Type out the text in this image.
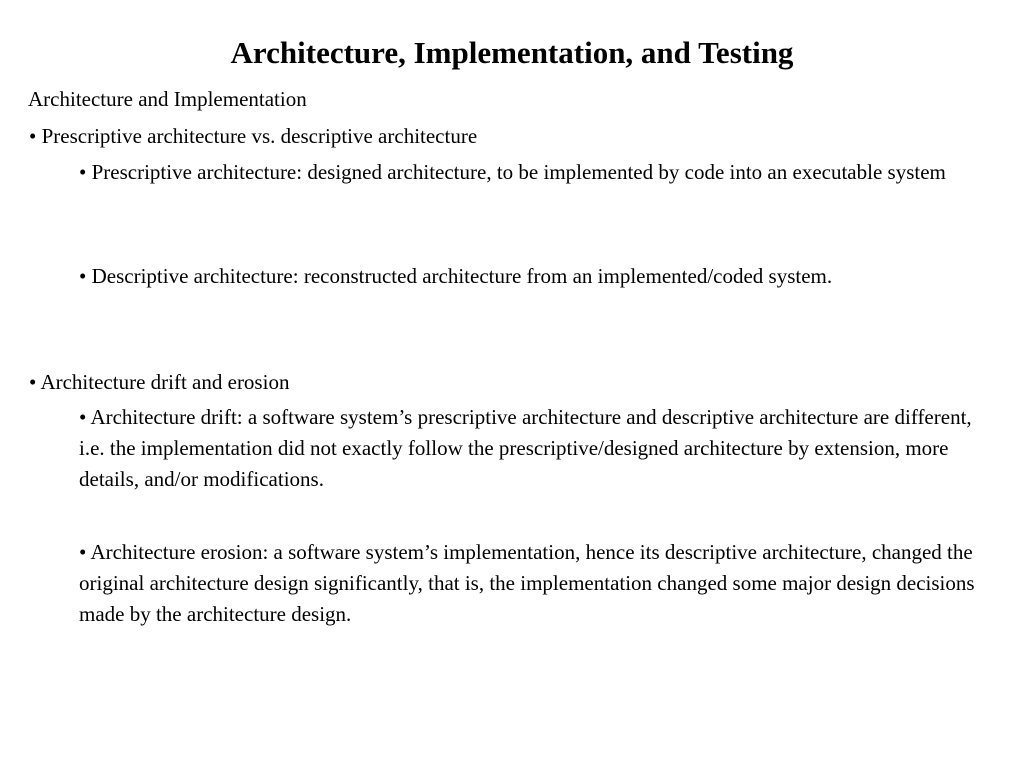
Architecture, Implementation, and Testing

Architecture and Implementation

• Prescriptive architecture vs. descriptive architecture

• Prescriptive architecture: designed architecture, to be implemented by code into an executable system

• Descriptive architecture: reconstructed architecture from an implemented/coded system.

• Architecture drift and erosion

• Architecture drift: a software system’s prescriptive architecture and descriptive architecture are different, i.e. the implementation did not exactly follow the prescriptive/designed architecture by extension, more details, and/or modifications.

• Architecture erosion: a software system’s implementation, hence its descriptive architecture, changed the original architecture design significantly, that is, the implementation changed some major design decisions made by the architecture design.
